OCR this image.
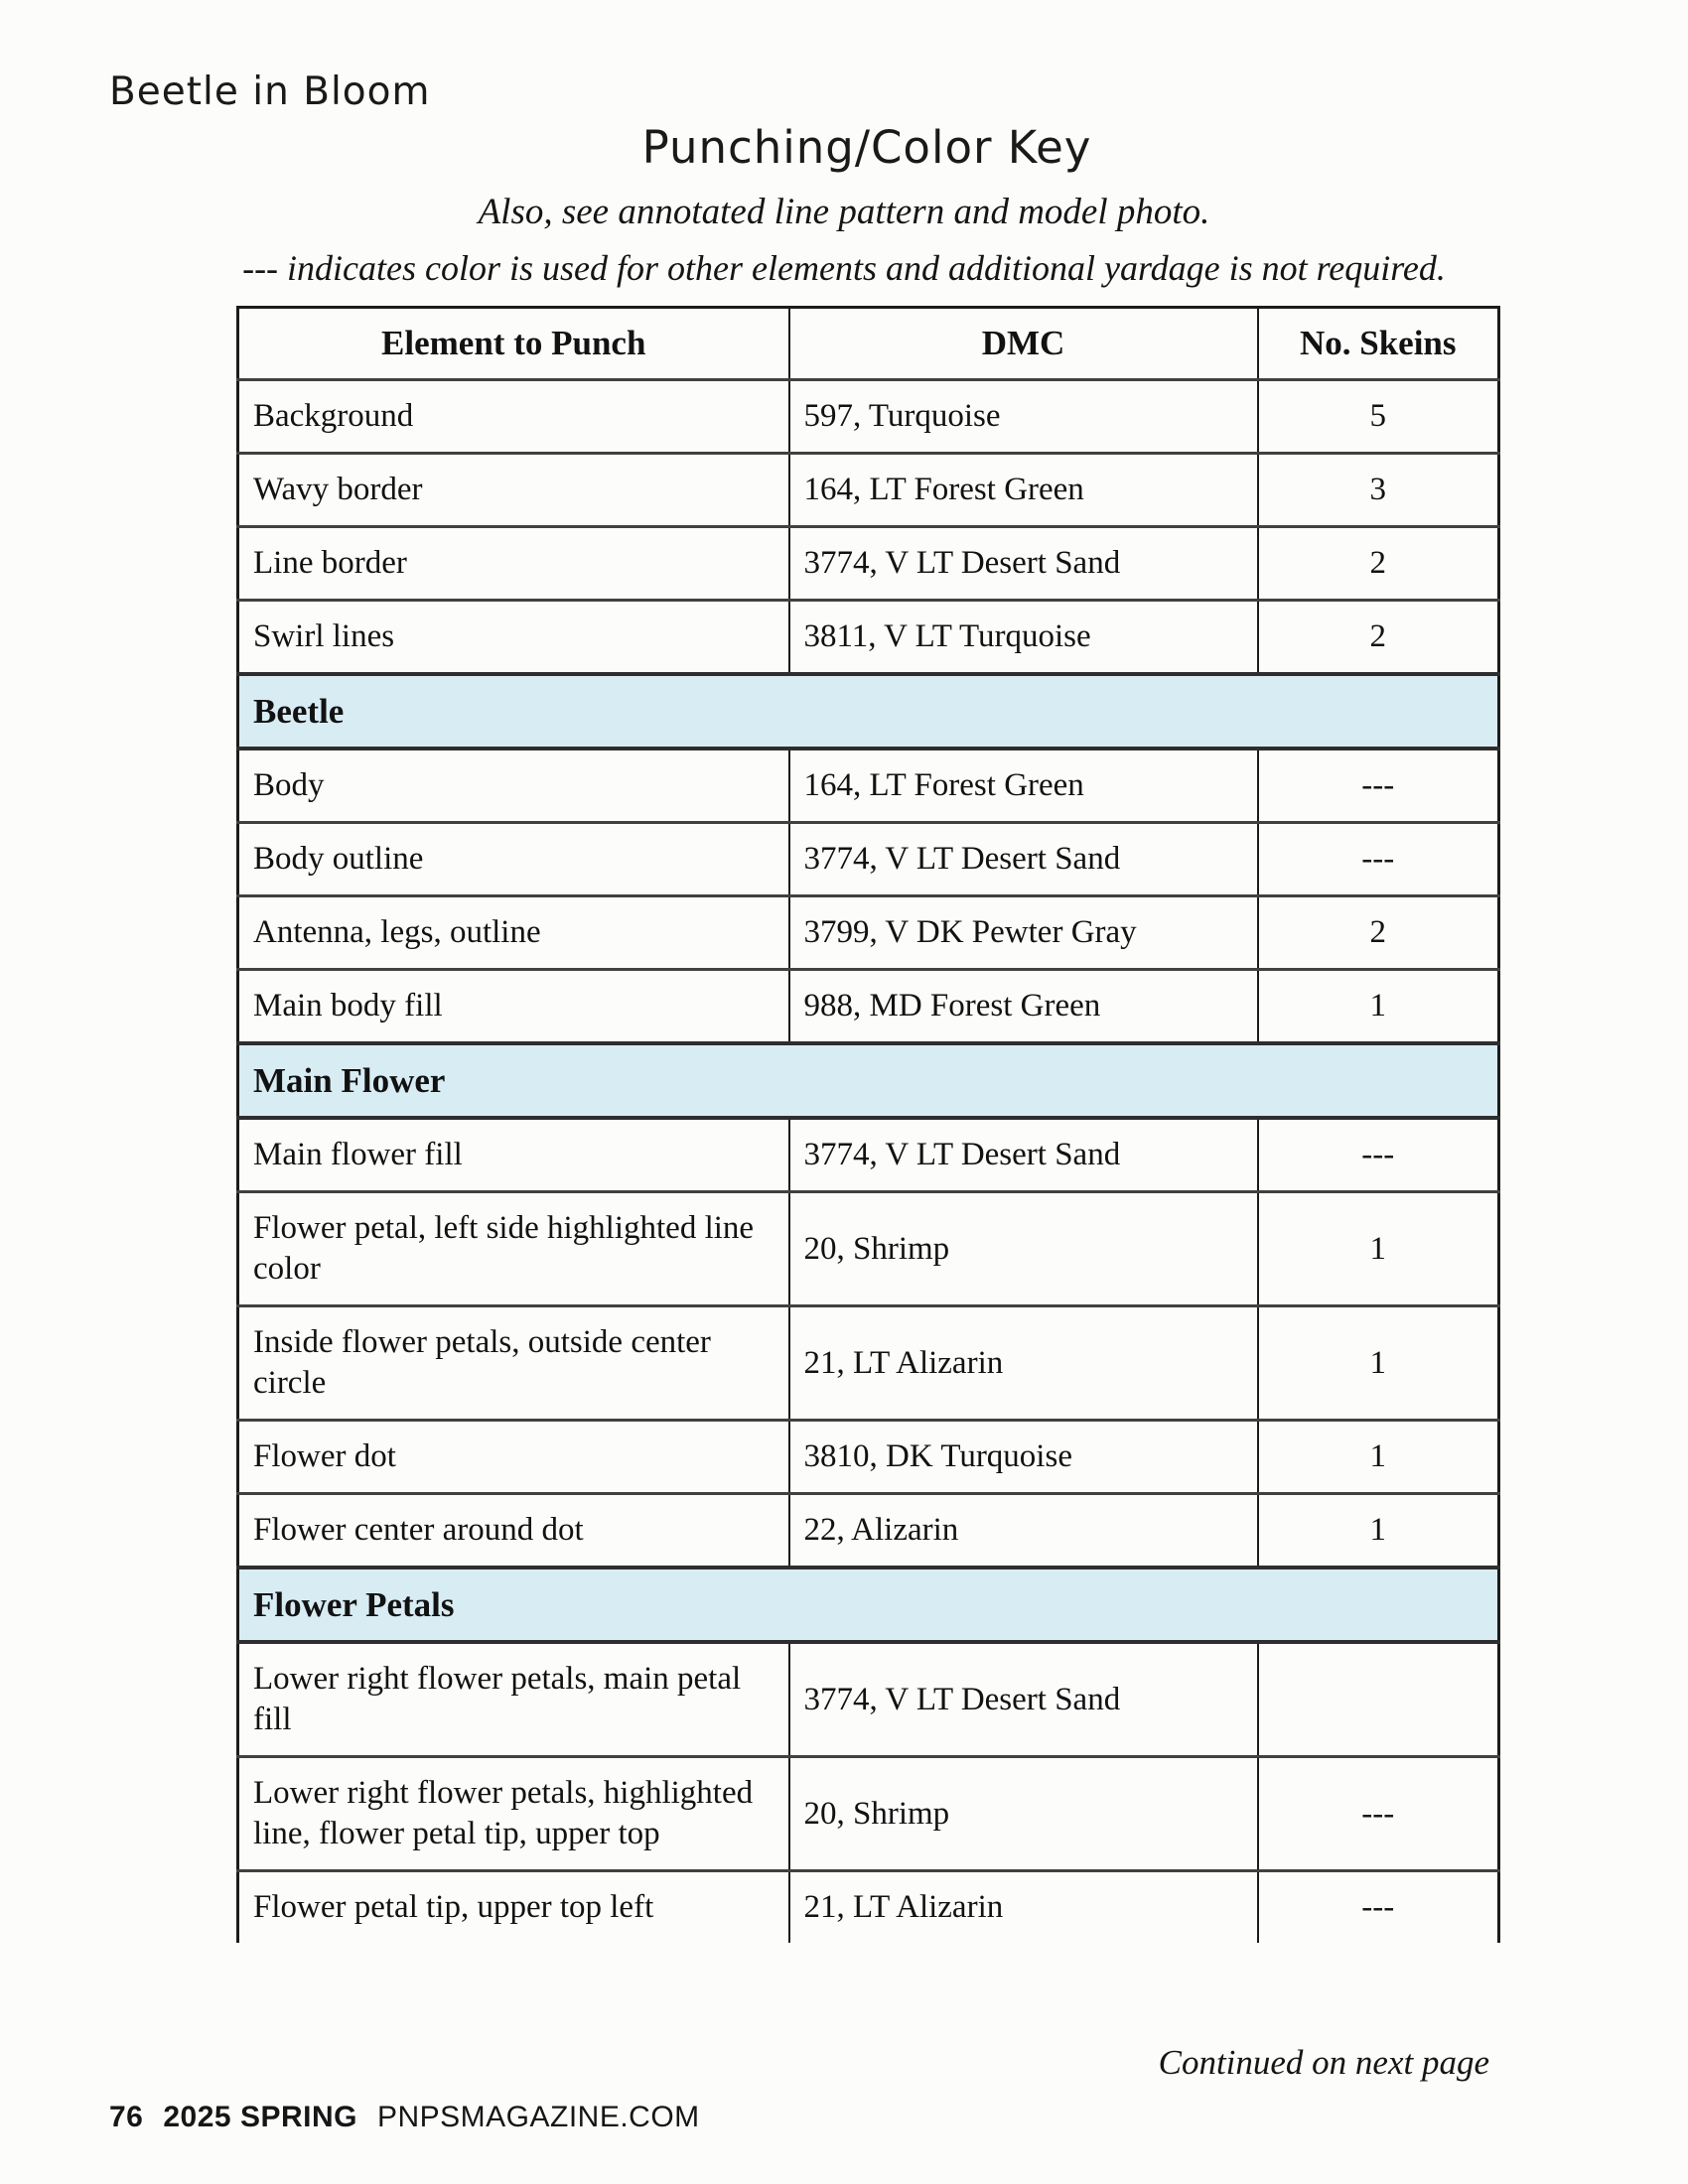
Beetle in Bloom
Punching/Color Key
Also, see annotated line pattern and model photo.
--- indicates color is used for other elements and additional yardage is not required.
Element to Punch	DMC	No. Skeins
Background	597, Turquoise	5
Wavy border	164, LT Forest Green	3
Line border	3774, V LT Desert Sand	2
Swirl lines	3811, V LT Turquoise	2
Beetle		
Body	164, LT Forest Green	---
Body outline	3774, V LT Desert Sand	---
Antenna, legs, outline	3799, V DK Pewter Gray	2
Main body fill	988, MD Forest Green	1
Main Flower		
Main flower fill	3774, V LT Desert Sand	---
Flower petal, left side highlighted line color	20, Shrimp	1
Inside flower petals, outside center circle	21, LT Alizarin	1
Flower dot	3810, DK Turquoise	1
Flower center around dot	22, Alizarin	1
Flower Petals		
Lower right flower petals, main petal fill	3774, V LT Desert Sand	
Lower right flower petals, highlighted line, flower petal tip, upper top	20, Shrimp	---
Flower petal tip, upper top left	21, LT Alizarin	---
Continued on next page
76 2025 SPRING PNPSMAGAZINE.COM
